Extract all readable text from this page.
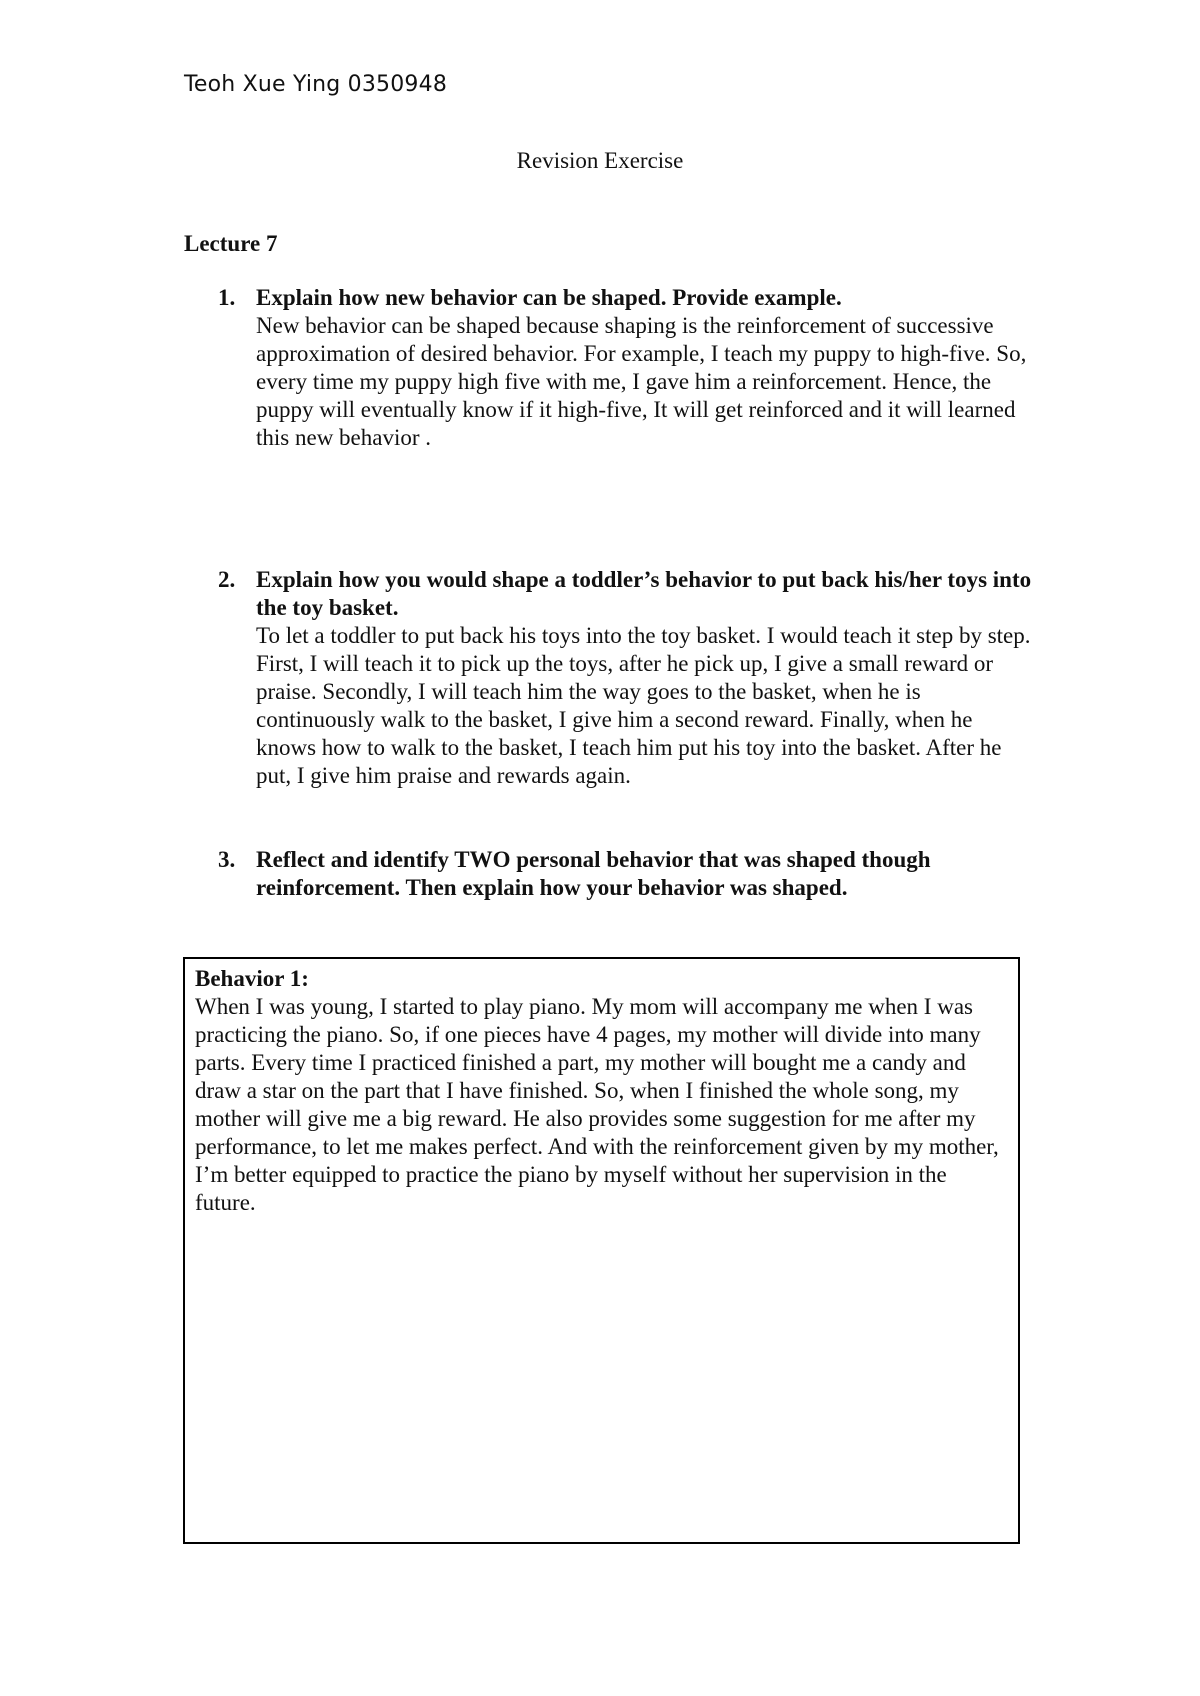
Teoh Xue Ying 0350948
Revision Exercise
Lecture 7
1. Explain how new behavior can be shaped. Provide example.

New behavior can be shaped because shaping is the reinforcement of successive approximation of desired behavior. For example, I teach my puppy to high-five. So, every time my puppy high five with me, I gave him a reinforcement. Hence, the puppy will eventually know if it high-five, It will get reinforced and it will learned this new behavior .

2. Explain how you would shape a toddler’s behavior to put back his/her toys into the toy basket.

To let a toddler to put back his toys into the toy basket. I would teach it step by step. First, I will teach it to pick up the toys, after he pick up, I give a small reward or praise. Secondly, I will teach him the way goes to the basket, when he is continuously walk to the basket, I give him a second reward. Finally, when he knows how to walk to the basket, I teach him put his toy into the basket. After he put, I give him praise and rewards again.

3. Reflect and identify TWO personal behavior that was shaped though reinforcement. Then explain how your behavior was shaped.
Behavior 1:

When I was young, I started to play piano. My mom will accompany me when I was practicing the piano. So, if one pieces have 4 pages, my mother will divide into many parts. Every time I practiced finished a part, my mother will bought me a candy and draw a star on the part that I have finished. So, when I finished the whole song, my mother will give me a big reward. He also provides some suggestion for me after my performance, to let me makes perfect. And with the reinforcement given by my mother, I’m better equipped to practice the piano by myself without her supervision in the future.
